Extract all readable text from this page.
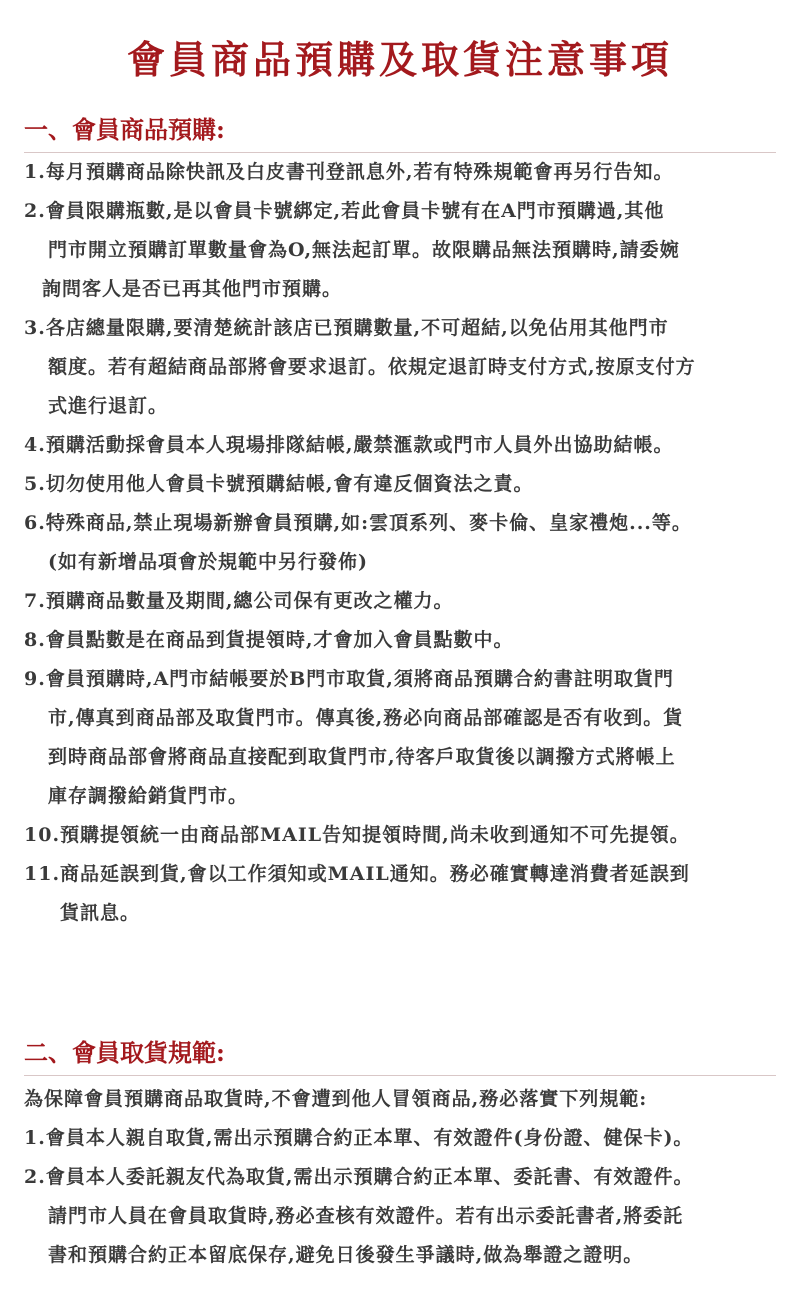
會員商品預購及取貨注意事項
一、會員商品預購:
1.每月預購商品除快訊及白皮書刊登訊息外,若有特殊規範會再另行告知。
2.會員限購瓶數,是以會員卡號綁定,若此會員卡號有在A門市預購過,其他
門市開立預購訂單數量會為O,無法起訂單。故限購品無法預購時,請委婉
詢問客人是否已再其他門市預購。
3.各店總量限購,要清楚統計該店已預購數量,不可超結,以免佔用其他門市
額度。若有超結商品部將會要求退訂。依規定退訂時支付方式,按原支付方
式進行退訂。
4.預購活動採會員本人現場排隊結帳,嚴禁滙款或門市人員外出協助結帳。
5.切勿使用他人會員卡號預購結帳,會有違反個資法之責。
6.特殊商品,禁止現場新辦會員預購,如:雲頂系列、麥卡倫、皇家禮炮...等。
(如有新增品項會於規範中另行發佈)
7.預購商品數量及期間,總公司保有更改之權力。
8.會員點數是在商品到貨提領時,才會加入會員點數中。
9.會員預購時,A門市結帳要於B門市取貨,須將商品預購合約書註明取貨門
市,傳真到商品部及取貨門市。傳真後,務必向商品部確認是否有收到。貨
到時商品部會將商品直接配到取貨門市,待客戶取貨後以調撥方式將帳上
庫存調撥給銷貨門市。
10.預購提領統一由商品部MAIL告知提領時間,尚未收到通知不可先提領。
11.商品延誤到貨,會以工作須知或MAIL通知。務必確實轉達消費者延誤到
貨訊息。
二、會員取貨規範:
為保障會員預購商品取貨時,不會遭到他人冒領商品,務必落實下列規範:
1.會員本人親自取貨,需出示預購合約正本單、有效證件(身份證、健保卡)。
2.會員本人委託親友代為取貨,需出示預購合約正本單、委託書、有效證件。
請門市人員在會員取貨時,務必查核有效證件。若有出示委託書者,將委託
書和預購合約正本留底保存,避免日後發生爭議時,做為舉證之證明。
